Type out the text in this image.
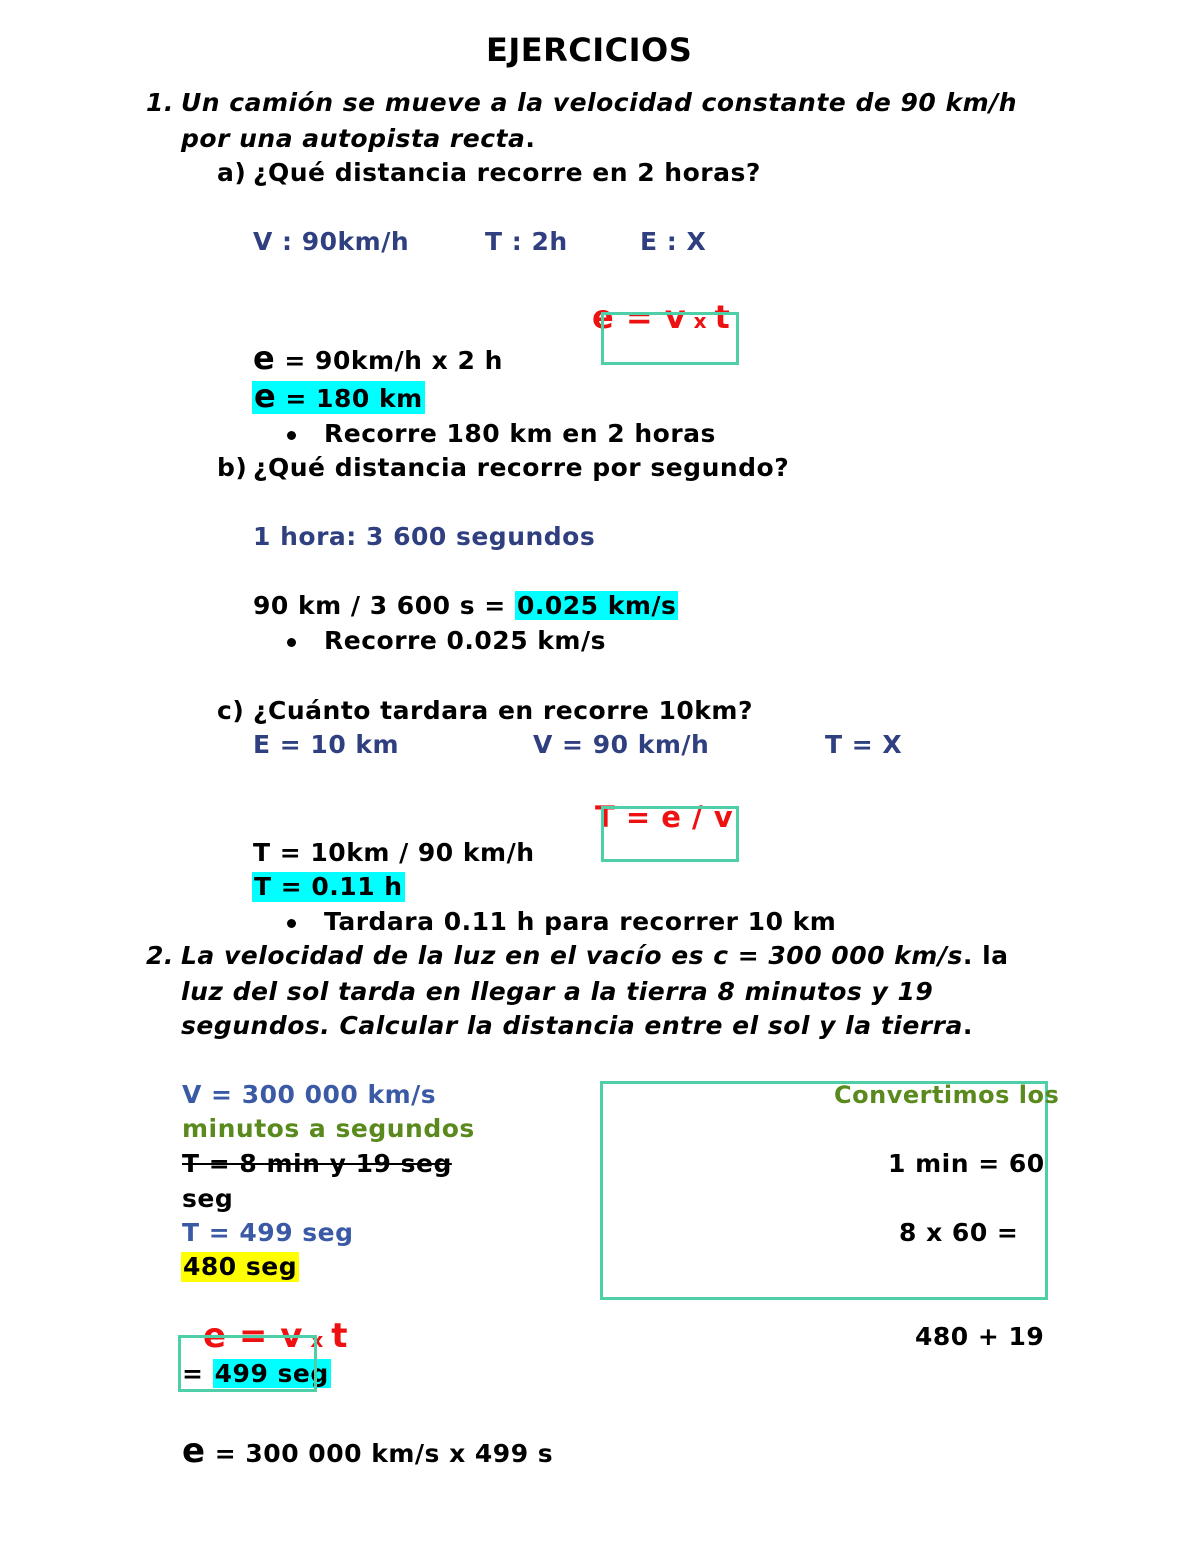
EJERCICIOS
1. Un camión se mueve a la velocidad constante de 90 km/h
por una autopista recta.
a) ¿Qué distancia recorre en 2 horas?
V : 90km/h	T : 2h	E : X
e = v x t
e = 90km/h x 2 h
e = 180 km
Recorre 180 km en 2 horas
b) ¿Qué distancia recorre por segundo?
1 hora: 3 600 segundos
90 km / 3 600 s = 0.025 km/s
Recorre 0.025 km/s
c) ¿Cuánto tardara en recorre 10km?
E = 10 km	V = 90 km/h	T = X
T = e / v
T = 10km / 90 km/h
T = 0.11 h
Tardara 0.11 h para recorrer 10 km
2. La velocidad de la luz en el vacío es c = 300 000 km/s. la
luz del sol tarda en llegar a la tierra 8 minutos y 19
segundos. Calcular la distancia entre el sol y la tierra.
V = 300 000 km/s	Convertimos los
minutos a segundos
T = 8 min y 19 seg	1 min = 60
seg
T = 499 seg	8 x 60 =
480 seg
e = v x t	480 + 19
= 499 seg
e = 300 000 km/s x 499 s
